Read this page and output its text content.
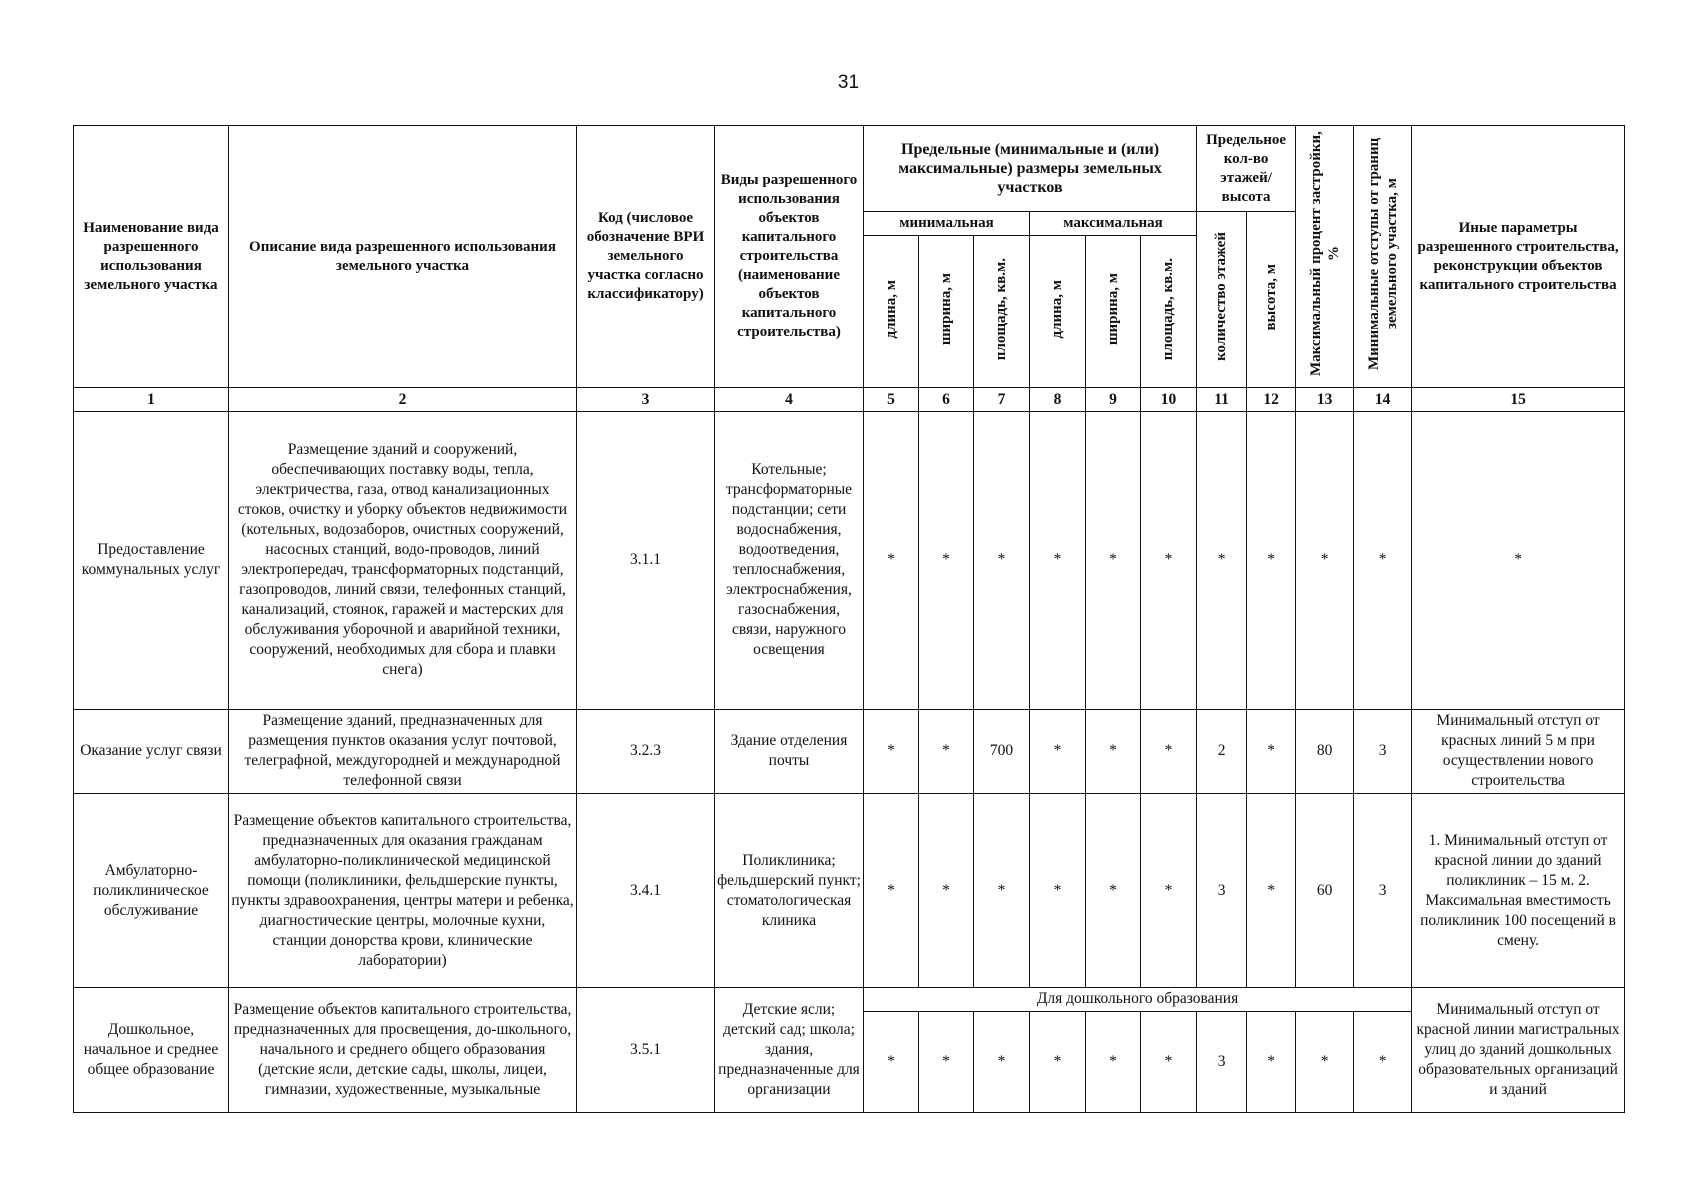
31
Наименование вида разрешенного использования земельного участка	Описание вида разрешенного использования земельного участка	Код (числовое обозначение ВРИ земельного участка согласно классификатору)	Виды разрешенного использования объектов капитального строительства (наименование объектов капитального строительства)	Предельные (минимальные и (или) максимальные) размеры земельных участков						Предельное кол-во этажей/ высота		Максимальный процент застройки, %	Минимальные отступы от границ земельного участка, м	Иные параметры разрешенного строительства, реконструкции объектов капитального строительства
				минимальная			максимальная			количество этажей	высота, м			
				длина, м	ширина, м	площадь, кв.м.	длина, м	ширина, м	площадь, кв.м.					
1	2	3	4	5	6	7	8	9	10	11	12	13	14	15
Предоставление коммунальных услуг	Размещение зданий и сооружений, обеспечивающих поставку воды, тепла, электричества, газа, отвод канализационных стоков, очистку и уборку объектов недвижимости (котельных, водозаборов, очистных сооружений, насосных станций, водо-проводов, линий электропередач, трансформаторных подстанций, газопроводов, линий связи, телефонных станций, канализаций, стоянок, гаражей и мастерских для обслуживания уборочной и аварийной техники, сооружений, необходимых для сбора и плавки снега)	3.1.1	Котельные; трансформаторные подстанции; сети водоснабжения, водоотведения, теплоснабжения, электроснабжения, газоснабжения, связи, наружного освещения	*	*	*	*	*	*	*	*	*	*	*
Оказание услуг связи	Размещение зданий, предназначенных для размещения пунктов оказания услуг почтовой, телеграфной, междугородней и международной телефонной связи	3.2.3	Здание отделения почты	*	*	700	*	*	*	2	*	80	3	Минимальный отступ от красных линий 5 м при осуществлении нового строительства
Амбулаторно-поликлиническое обслуживание	Размещение объектов капитального строительства, предназначенных для оказания гражданам амбулаторно-поликлинической медицинской помощи (поликлиники, фельдшерские пункты, пункты здравоохранения, центры матери и ребенка, диагностические центры, молочные кухни, станции донорства крови, клинические лаборатории)	3.4.1	Поликлиника; фельдшерский пункт; стоматологическая клиника	*	*	*	*	*	*	3	*	60	3	1. Минимальный отступ от красной линии до зданий поликлиник – 15 м. 2. Максимальная вместимость поликлиник 100 посещений в смену.
Дошкольное, начальное и среднее общее образование	Размещение объектов капитального строительства, предназначенных для просвещения, до-школьного, начального и среднего общего образования (детские ясли, детские сады, школы, лицеи, гимназии, художественные, музыкальные	3.5.1	Детские ясли; детский сад; школа; здания, предназначенные для организации	Для дошкольного образования										Минимальный отступ от красной линии магистральных улиц до зданий дошкольных образовательных организаций и зданий
				*	*	*	*	*	*	3	*	*	*	
